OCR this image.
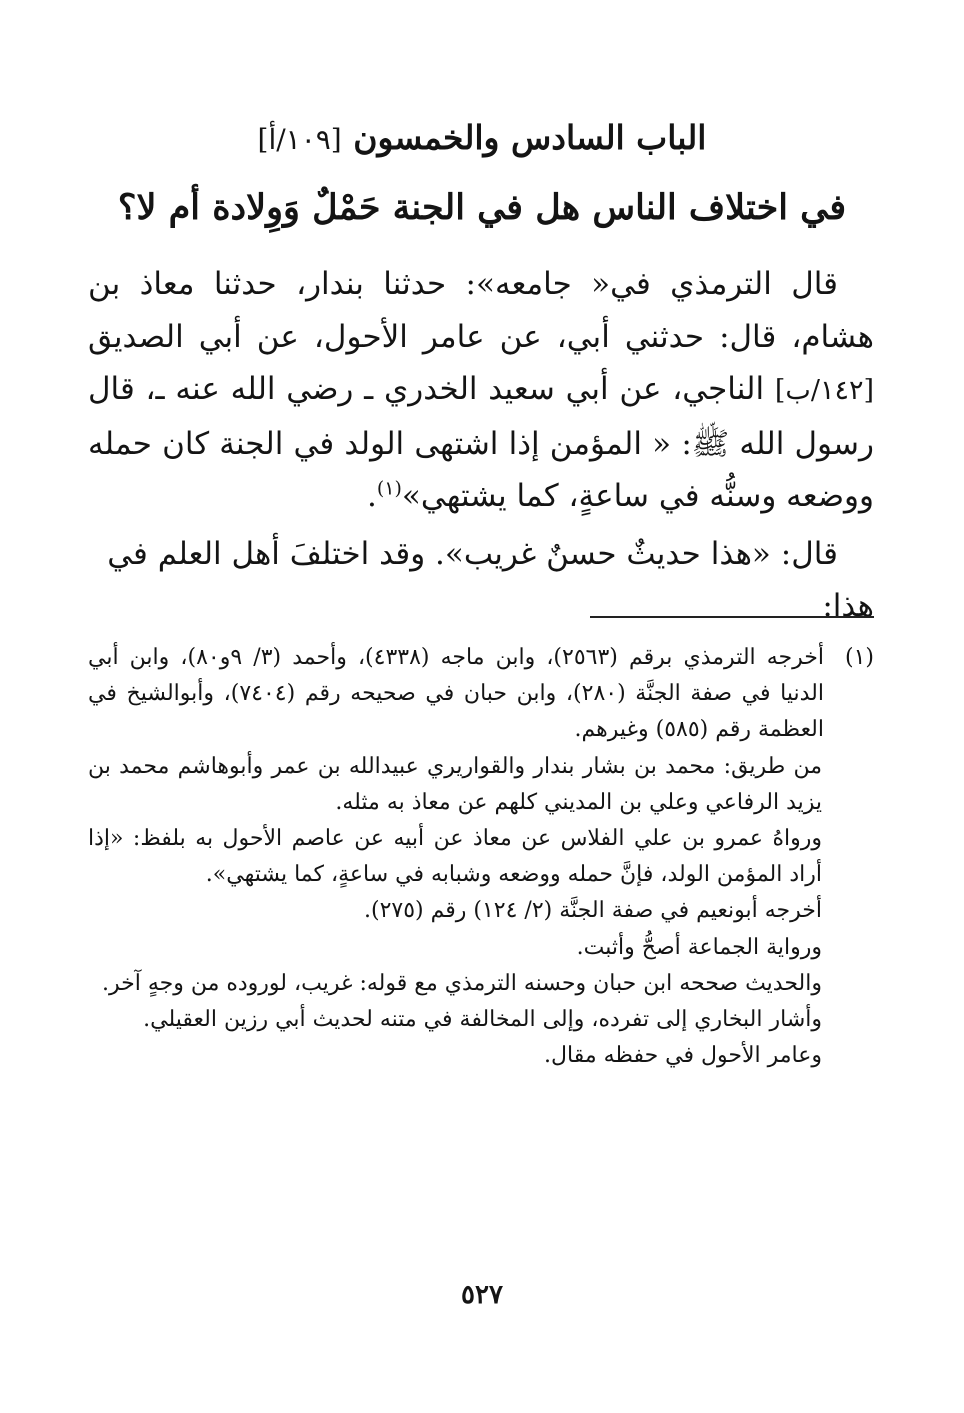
الباب السادس والخمسون [١٠٩/أ]
في اختلاف الناس هل في الجنة حَمْلٌ وَوِلادة أم لا؟

قال الترمذي في« جامعه»: حدثنا بندار، حدثنا معاذ بن هشام، قال: حدثني أبي، عن عامر الأحول، عن أبي الصديق [١٤٢/ب] الناجي، عن أبي سعيد الخدري ـ رضي الله عنه ـ، قال رسول الله ﷺ: « المؤمن إذا اشتهى الولد في الجنة كان حمله ووضعه وسنُّه في ساعةٍ، كما يشتهي»$^{(١)}$.

قال: «هذا حديثٌ حسنٌ غريب». وقد اختلفَ أهل العلم في هذا:

(١)
أخرجه الترمذي برقم (٢٥٦٣)، وابن ماجه (٤٣٣٨)، وأحمد (٣/ ٩و٨٠)، وابن أبي الدنيا في صفة الجنَّة (٢٨٠)، وابن حبان في صحيحه رقم (٧٤٠٤)، وأبوالشيخ في العظمة رقم (٥٨٥) وغيرهم.

من طريق: محمد بن بشار بندار والقواريري عبيدالله بن عمر وأبوهاشم محمد بن يزيد الرفاعي وعلي بن المديني كلهم عن معاذ به مثله.

ورواهُ عمرو بن علي الفلاس عن معاذ عن أبيه عن عاصم الأحول به بلفظ: «إذا أراد المؤمن الولد، فإنَّ حمله ووضعه وشبابه في ساعةٍ، كما يشتهي».

أخرجه أبونعيم في صفة الجنَّة (٢/ ١٢٤) رقم (٢٧٥).

ورواية الجماعة أصحُّ وأثبت.

والحديث صححه ابن حبان وحسنه الترمذي مع قوله: غريب، لوروده من وجهٍ آخر.

وأشار البخاري إلى تفرده، وإلى المخالفة في متنه لحديث أبي رزين العقيلي.

وعامر الأحول في حفظه مقال.

٥٢٧
